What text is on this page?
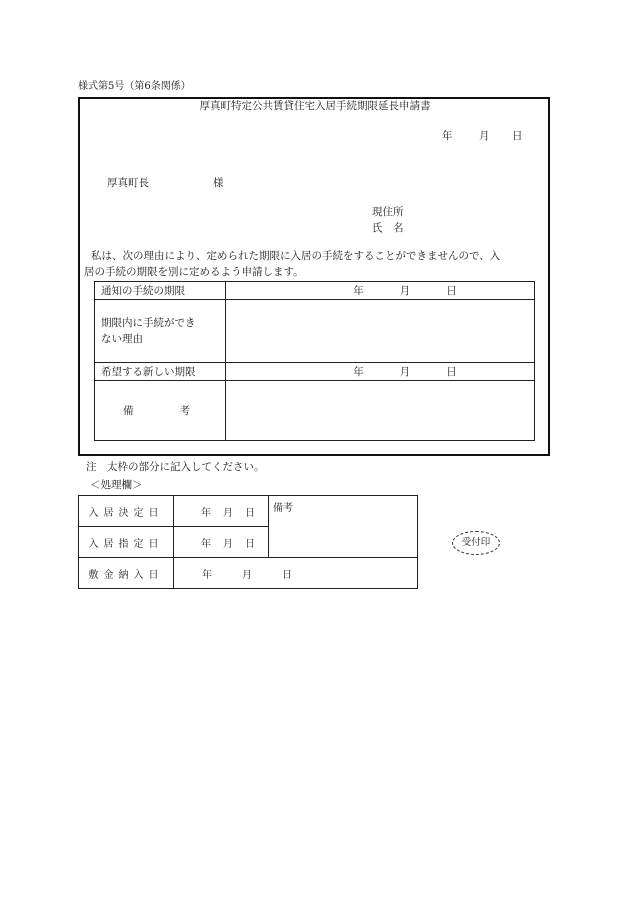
様式第5号（第6条関係）
厚真町特定公共賃貸住宅入居手続期限延長申請書
年	月 日
厚真町長	様
現住所
氏　名
私は、次の理由により、定められた期限に入居の手続をすることができませんので、入
居の手続の期限を別に定めるよう申請します。
通知の手続の期限	年 月 日

期限内に手続ができ
ない理由	

希望する新しい期限	年 月 日
備 考	
注　太枠の部分に記入してください。
＜処理欄＞
入居決定日	年 月 日	備考
入居指定日	年 月 日	
敷金納入日	年 月 日	
受付印
